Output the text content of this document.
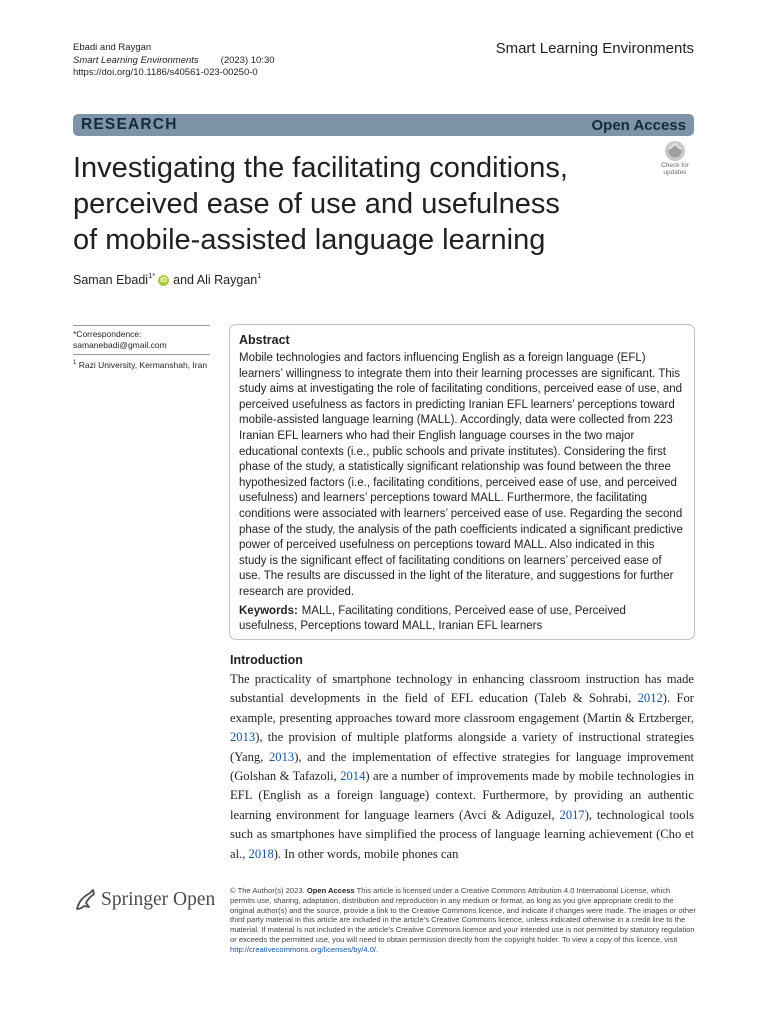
Ebadi and Raygan
Smart Learning Environments (2023) 10:30
https://doi.org/10.1186/s40561-023-00250-0
Smart Learning Environments
RESEARCH	Open Access
Check for
updates
Investigating the facilitating conditions,
perceived ease of use and usefulness
of mobile-assisted language learning
Saman Ebadi$^{1*}$
iD and Ali Raygan$^1$
*Correspondence:
samanebadi@gmail.com
$^1$ Razi University, Kermanshah, Iran
Abstract

Mobile technologies and factors influencing English as a foreign language (EFL) learners’ willingness to integrate them into their learning processes are significant. This study aims at investigating the role of facilitating conditions, perceived ease of use, and perceived usefulness as factors in predicting Iranian EFL learners’ perceptions toward mobile-assisted language learning (MALL). Accordingly, data were collected from 223 Iranian EFL learners who had their English language courses in the two major educational contexts (i.e., public schools and private institutes). Considering the first phase of the study, a statistically significant relationship was found between the three hypothesized factors (i.e., facilitating conditions, perceived ease of use, and perceived usefulness) and learners’ perceptions toward MALL. Furthermore, the facilitating conditions were associated with learners’ perceived ease of use. Regarding the second phase of the study, the analysis of the path coefficients indicated a significant predictive power of perceived usefulness on perceptions toward MALL. Also indicated in this study is the significant effect of facilitating conditions on learners’ perceived ease of use. The results are discussed in the light of the literature, and suggestions for further research are provided.

Keywords: MALL, Facilitating conditions, Perceived ease of use, Perceived usefulness, Perceptions toward MALL, Iranian EFL learners
Introduction
The practicality of smartphone technology in enhancing classroom instruction has made substantial developments in the field of EFL education (Taleb & Sohrabi, 2012). For example, presenting approaches toward more classroom engagement (Martin & Ertzberger, 2013), the provision of multiple platforms alongside a variety of instructional strategies (Yang, 2013), and the implementation of effective strategies for language improvement (Golshan & Tafazoli, 2014) are a number of improvements made by mobile technologies in EFL (English as a foreign language) context. Furthermore, by providing an authentic learning environment for language learners (Avci & Adiguzel, 2017), technological tools such as smartphones have simplified the process of language learning achievement (Cho et al., 2018). In other words, mobile phones can
Springer Open © The Author(s) 2023. Open Access This article is licensed under a Creative Commons Attribution 4.0 International License, which permits use, sharing, adaptation, distribution and reproduction in any medium or format, as long as you give appropriate credit to the original author(s) and the source, provide a link to the Creative Commons licence, and indicate if changes were made. The images or other third party material in this article are included in the article’s Creative Commons licence, unless indicated otherwise in a credit line to the material. If material is not included in the article’s Creative Commons licence and your intended use is not permitted by statutory regulation or exceeds the permitted use, you will need to obtain permission directly from the copyright holder. To view a copy of this licence, visit http://creativecommons.org/licenses/by/4.0/.
